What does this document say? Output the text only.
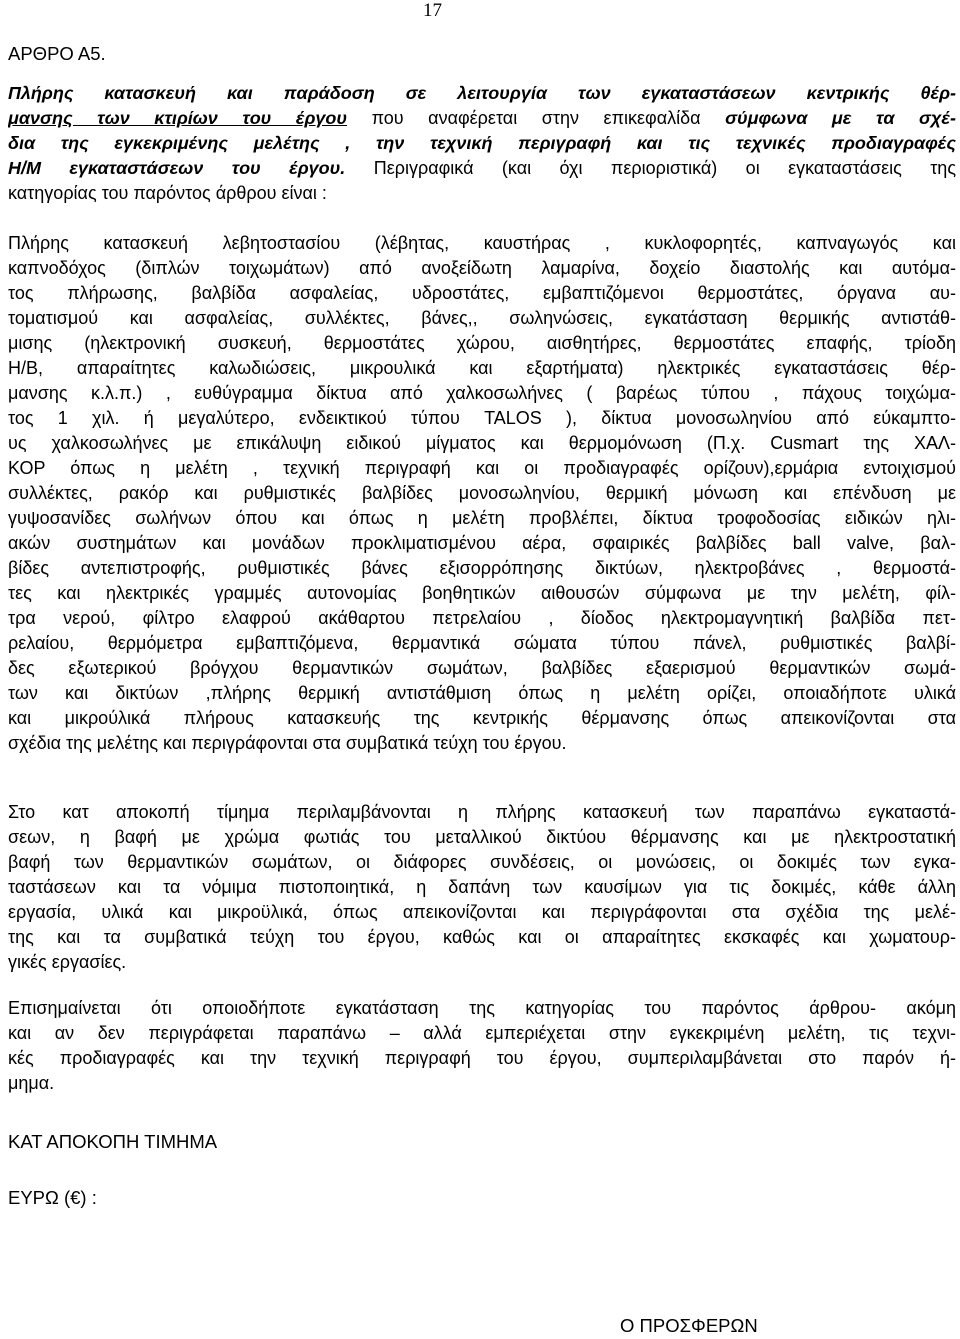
17
ΑΡΘΡΟ Α5.
Πλήρης κατασκευή και παράδοση σε λειτουργία των εγκαταστάσεων κεντρικής θέρ-
μανσης των κτιρίων του έργου που αναφέρεται στην επικεφαλίδα σύμφωνα με τα σχέ-
δια της εγκεκριμένης μελέτης , την τεχνική περιγραφή και τις τεχνικές προδιαγραφές
Η/Μ εγκαταστάσεων του έργου. Περιγραφικά (και όχι περιοριστικά) οι εγκαταστάσεις της
κατηγορίας του παρόντος άρθρου είναι :
Πλήρης κατασκευή λεβητοστασίου (λέβητας, καυστήρας , κυκλοφορητές, καπναγωγός και
καπνοδόχος (διπλών τοιχωμάτων) από ανοξείδωτη λαμαρίνα, δοχείο διαστολής και αυτόμα-
τος πλήρωσης, βαλβίδα ασφαλείας, υδροστάτες, εμβαπτιζόμενοι θερμοστάτες, όργανα αυ-
τοματισμού και ασφαλείας, συλλέκτες, βάνες,, σωληνώσεις, εγκατάσταση θερμικής αντιστάθ-
μισης (ηλεκτρονική συσκευή, θερμοστάτες χώρου, αισθητήρες, θερμοστάτες επαφής, τρίοδη
Η/Β, απαραίτητες καλωδιώσεις, μικρουλικά και εξαρτήματα) ηλεκτρικές εγκαταστάσεις θέρ-
μανσης κ.λ.π.) , ευθύγραμμα δίκτυα από χαλκοσωλήνες ( βαρέως τύπου , πάχους τοιχώμα-
τος 1 χιλ. ή μεγαλύτερο, ενδεικτικού τύπου TALOS ), δίκτυα μονοσωληνίου από εύκαμπτο-
υς χαλκοσωλήνες με επικάλυψη ειδικού μίγματος και θερμομόνωση (Π.χ. Cusmart της ΧΑΛ-
ΚΟΡ όπως η μελέτη , τεχνική περιγραφή και οι προδιαγραφές ορίζουν),ερμάρια εντοιχισμού
συλλέκτες, ρακόρ και ρυθμιστικές βαλβίδες μονοσωληνίου, θερμική μόνωση και επένδυση με
γυψοσανίδες σωλήνων όπου και όπως η μελέτη προβλέπει, δίκτυα τροφοδοσίας ειδικών ηλι-
ακών συστημάτων και μονάδων προκλιματισμένου αέρα, σφαιρικές βαλβίδες ball valve, βαλ-
βίδες αντεπιστροφής, ρυθμιστικές βάνες εξισορρόπησης δικτύων, ηλεκτροβάνες , θερμοστά-
τες και ηλεκτρικές γραμμές αυτονομίας βοηθητικών αιθουσών σύμφωνα με την μελέτη, φίλ-
τρα νερού, φίλτρο ελαφρού ακάθαρτου πετρελαίου , δίοδος ηλεκτρομαγνητική βαλβίδα πετ-
ρελαίου, θερμόμετρα εμβαπτιζόμενα, θερμαντικά σώματα τύπου πάνελ, ρυθμιστικές βαλβί-
δες εξωτερικού βρόγχου θερμαντικών σωμάτων, βαλβίδες εξαερισμού θερμαντικών σωμά-
των και δικτύων ,πλήρης θερμική αντιστάθμιση όπως η μελέτη ορίζει, οποιαδήποτε υλικά
και μικρούλικά πλήρους κατασκευής της κεντρικής θέρμανσης όπως απεικονίζονται στα
σχέδια της μελέτης και περιγράφονται στα συμβατικά τεύχη του έργου.
Στο κατ αποκοπή τίμημα περιλαμβάνονται η πλήρης κατασκευή των παραπάνω εγκαταστά-
σεων, η βαφή με χρώμα φωτιάς του μεταλλικού δικτύου θέρμανσης και με ηλεκτροστατική
βαφή των θερμαντικών σωμάτων, οι διάφορες συνδέσεις, οι μονώσεις, οι δοκιμές των εγκα-
ταστάσεων και τα νόμιμα πιστοποιητικά, η δαπάνη των καυσίμων για τις δοκιμές, κάθε άλλη
εργασία, υλικά και μικροϋλικά, όπως απεικονίζονται και περιγράφονται στα σχέδια της μελέ-
της και τα συμβατικά τεύχη του έργου, καθώς και οι απαραίτητες εκσκαφές και χωματουρ-
γικές εργασίες.
Επισημαίνεται ότι οποιοδήποτε εγκατάσταση της κατηγορίας του παρόντος άρθρου- ακόμη
και αν δεν περιγράφεται παραπάνω – αλλά εμπεριέχεται στην εγκεκριμένη μελέτη, τις τεχνι-
κές προδιαγραφές και την τεχνική περιγραφή του έργου, συμπεριλαμβάνεται στο παρόν ή-
μημα.
ΚΑΤ ΑΠΟΚΟΠΗ ΤΙΜΗΜΑ
ΕΥΡΩ (€) :
Ο ΠΡΟΣΦΕΡΩΝ
